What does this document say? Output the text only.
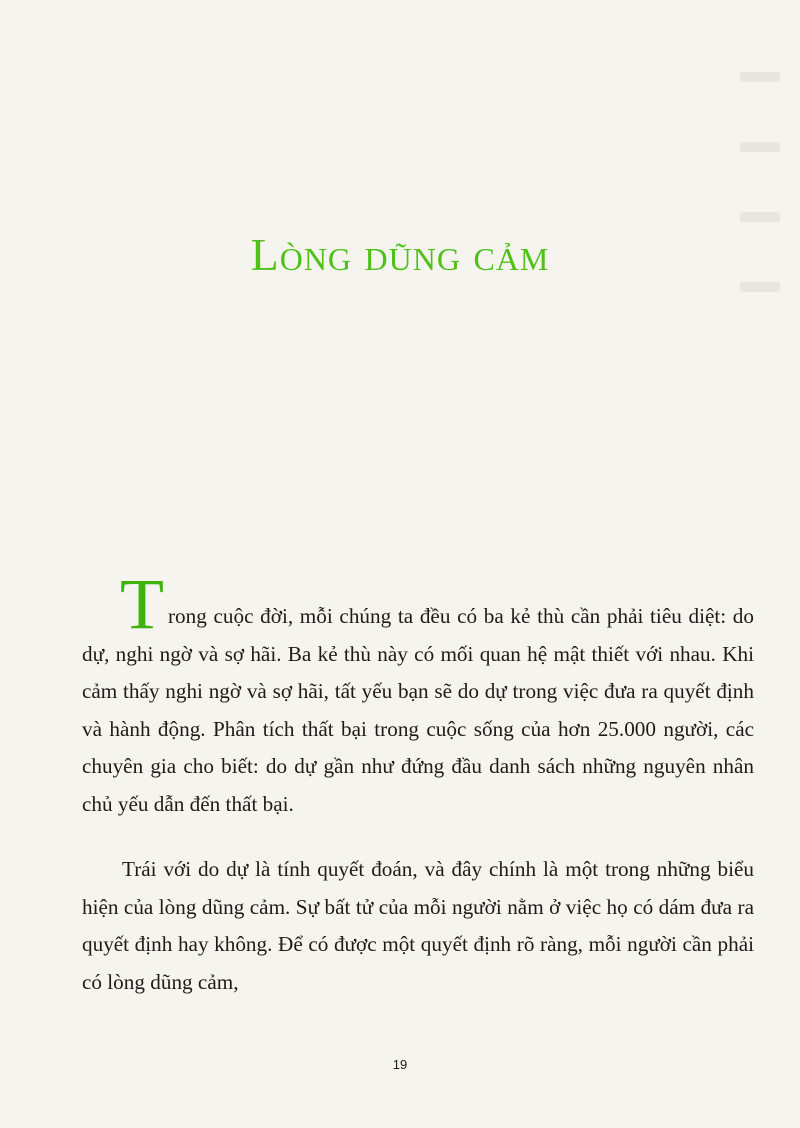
Lòng dũng cảm

Trong cuộc đời, mỗi chúng ta đều có ba kẻ thù cần phải tiêu diệt: do dự, nghi ngờ và sợ hãi. Ba kẻ thù này có mối quan hệ mật thiết với nhau. Khi cảm thấy nghi ngờ và sợ hãi, tất yếu bạn sẽ do dự trong việc đưa ra quyết định và hành động. Phân tích thất bại trong cuộc sống của hơn 25.000 người, các chuyên gia cho biết: do dự gần như đứng đầu danh sách những nguyên nhân chủ yếu dẫn đến thất bại.

Trái với do dự là tính quyết đoán, và đây chính là một trong những biểu hiện của lòng dũng cảm. Sự bất tử của mỗi người nằm ở việc họ có dám đưa ra quyết định hay không. Để có được một quyết định rõ ràng, mỗi người cần phải có lòng dũng cảm,

19
